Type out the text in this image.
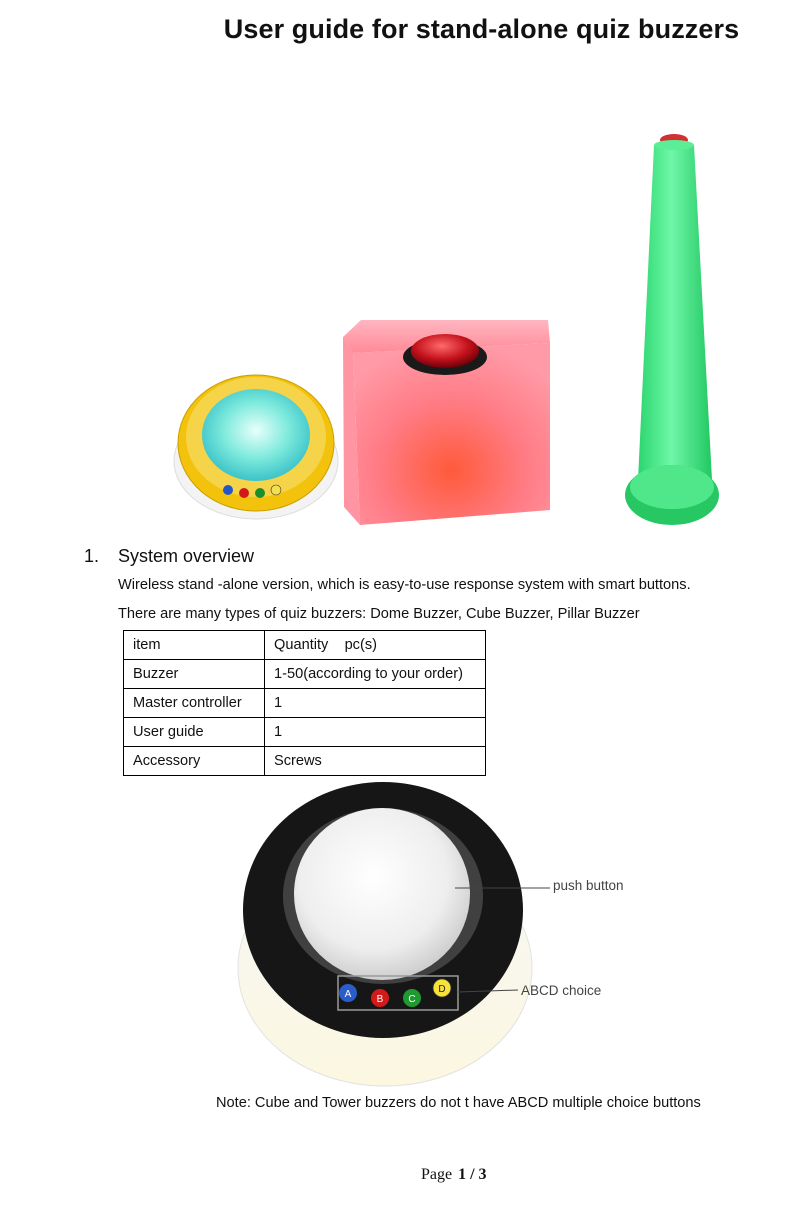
User guide for stand-alone quiz buzzers
1. System overview
Wireless stand -alone version, which is easy-to-use response system with smart buttons.
There are many types of quiz buzzers: Dome Buzzer, Cube Buzzer, Pillar Buzzer
item	Quantity    pc(s)
Buzzer	1-50(according to your order)
Master controller	1
User guide	1
Accessory	Screws
A	B	C
D
push button
ABCD choice
Note: Cube and Tower buzzers do not t have ABCD multiple choice buttons
Page 1 / 3
